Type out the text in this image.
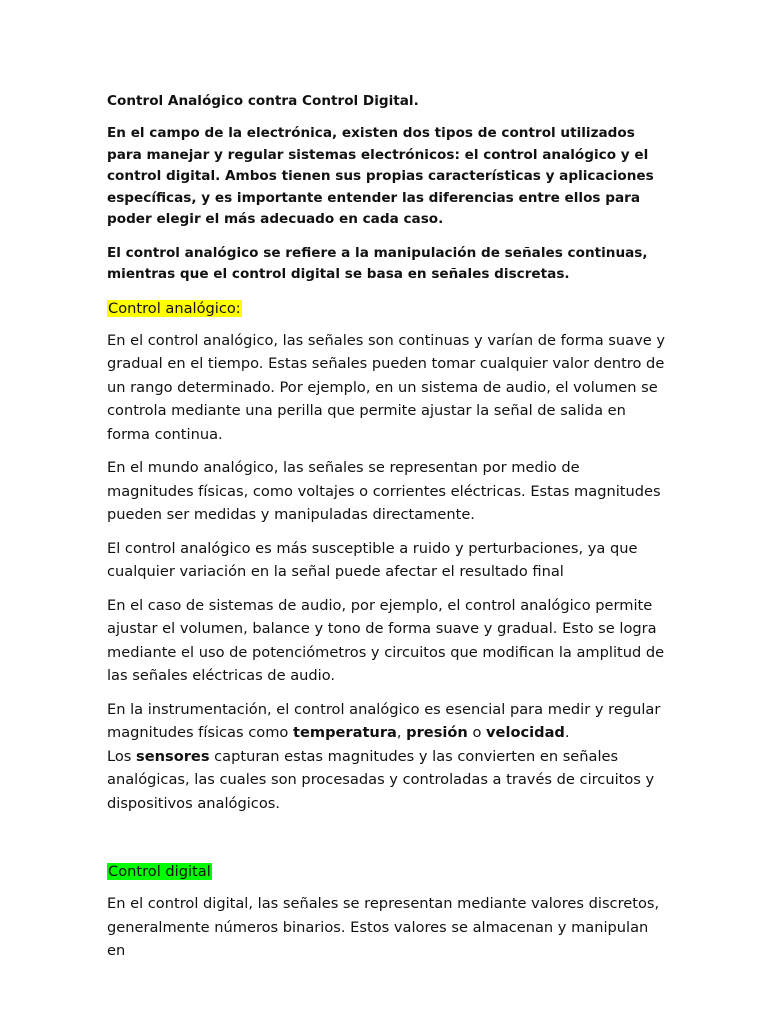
Control Analógico contra Control Digital.

En el campo de la electrónica, existen dos tipos de control utilizados para manejar y regular sistemas electrónicos: el control analógico y el control digital. Ambos tienen sus propias características y aplicaciones específicas, y es importante entender las diferencias entre ellos para poder elegir el más adecuado en cada caso.

El control analógico se refiere a la manipulación de señales continuas, mientras que el control digital se basa en señales discretas.

Control analógico:

En el control analógico, las señales son continuas y varían de forma suave y gradual en el tiempo. Estas señales pueden tomar cualquier valor dentro de un rango determinado. Por ejemplo, en un sistema de audio, el volumen se controla mediante una perilla que permite ajustar la señal de salida en forma continua.

En el mundo analógico, las señales se representan por medio de magnitudes físicas, como voltajes o corrientes eléctricas. Estas magnitudes pueden ser medidas y manipuladas directamente.

El control analógico es más susceptible a ruido y perturbaciones, ya que cualquier variación en la señal puede afectar el resultado final

En el caso de sistemas de audio, por ejemplo, el control analógico permite ajustar el volumen, balance y tono de forma suave y gradual. Esto se logra mediante el uso de potenciómetros y circuitos que modifican la amplitud de las señales eléctricas de audio.

En la instrumentación, el control analógico es esencial para medir y regular magnitudes físicas como temperatura, presión o velocidad.
Los sensores capturan estas magnitudes y las convierten en señales analógicas, las cuales son procesadas y controladas a través de circuitos y dispositivos analógicos.

Control digital

En el control digital, las señales se representan mediante valores discretos, generalmente números binarios. Estos valores se almacenan y manipulan en
